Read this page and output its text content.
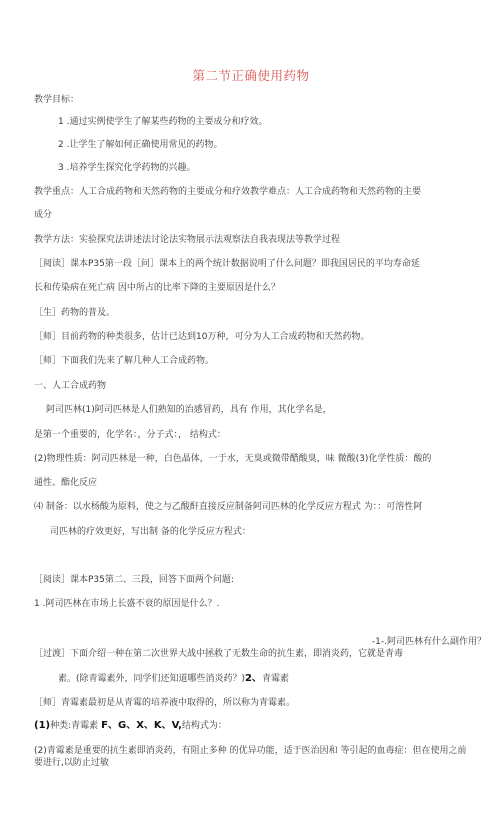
第二节正确使用药物
教学目标：
1 .通过实例使学生了解某些药物的主要成分和疗效。
2 .让学生了解如何正确使用常见的药物。
3 .培养学生探究化学药物的兴趣。
教学重点：人工合成药物和天然药物的主要成分和疗效教学难点：人工合成药物和天然药物的主要
成分
教学方法：实验探究法讲述法讨论法实物展示法观察法自我表现法等教学过程
［阅读］课本P35第一段［问］课本上的两个统计数据说明了什么问题？即我国居民的平均寿命延
长和传染病在死亡病 因中所占的比率下降的主要原因是什么？
［生］药物的普及。
［师］目前药物的种类很多，估计已达到10万种，可分为人工合成药物和天然药物。
［师］下面我们先来了解几种人工合成药物。
一、人工合成药物
阿司匹林(1)阿司匹林是人们熟知的治感冒药，具有 作用，其化学名是，
是第一个重要的，化学名：，分子式：， 结构式：
(2)物理性质：阿司匹林是一种，白色晶体，一于水，无臭或微带醋酸臭，味 微酸(3)化学性质：酸的
通性、酯化反应
⑷ 制备：以水杨酸为原料，使之与乙酸酐直接反应制备阿司匹林的化学反应方程式 为：：可溶性阿
司匹林的疗效更好，写出制 备的化学反应方程式：
［阅读］课本P35第二、三段，回答下面两个问题:
1 .阿司匹林在市场上长盛不衰的原因是什么？.
-1-.阿司匹林有什么副作用？
［过渡］下面介绍一种在第二次世界大战中拯救了无数生命的抗生素，即消炎药，它就是青毒
素。(除青霉素外，同学们还知道哪些消炎药？)2、青霉素
［师］青霉素最初是从青霉的培养液中取得的，所以称为青霉素。
(1)种类:青霉素 F、G、X、K、V,结构式为：
(2)青霉素是重要的抗生素即消炎药，有阻止多种 的优异功能，适于医治因和 等引起的血毒症：但在使用之前要进行,以防止过敏
